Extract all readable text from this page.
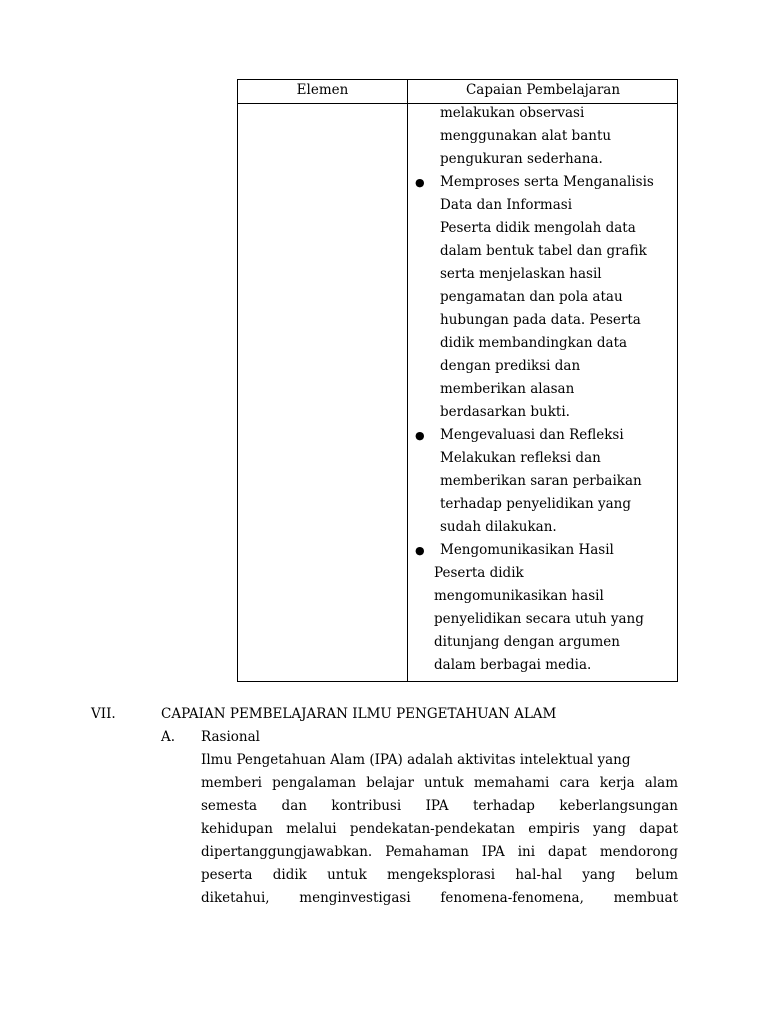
Elemen	Capaian Pembelajaran
melakukan observasi
menggunakan alat bantu
pengukuran sederhana.
● Memproses serta Menganalisis
Data dan Informasi
Peserta didik mengolah data
dalam bentuk tabel dan grafik
serta menjelaskan hasil
pengamatan dan pola atau
hubungan pada data. Peserta
didik membandingkan data
dengan prediksi dan
memberikan alasan
berdasarkan bukti.
● Mengevaluasi dan Refleksi
Melakukan refleksi dan
memberikan saran perbaikan
terhadap penyelidikan yang
sudah dilakukan.
● Mengomunikasikan Hasil
Peserta didik
mengomunikasikan hasil
penyelidikan secara utuh yang
ditunjang dengan argumen
dalam berbagai media.
VII.	CAPAIAN PEMBELAJARAN ILMU PENGETAHUAN ALAM
A. Rasional
Ilmu Pengetahuan Alam (IPA) adalah aktivitas intelektual yang
memberi pengalaman belajar untuk memahami cara kerja alam
semesta dan kontribusi IPA terhadap keberlangsungan
kehidupan melalui pendekatan-pendekatan empiris yang dapat
dipertanggungjawabkan. Pemahaman IPA ini dapat mendorong
peserta didik untuk mengeksplorasi hal-hal yang belum
diketahui, menginvestigasi fenomena-fenomena, membuat
